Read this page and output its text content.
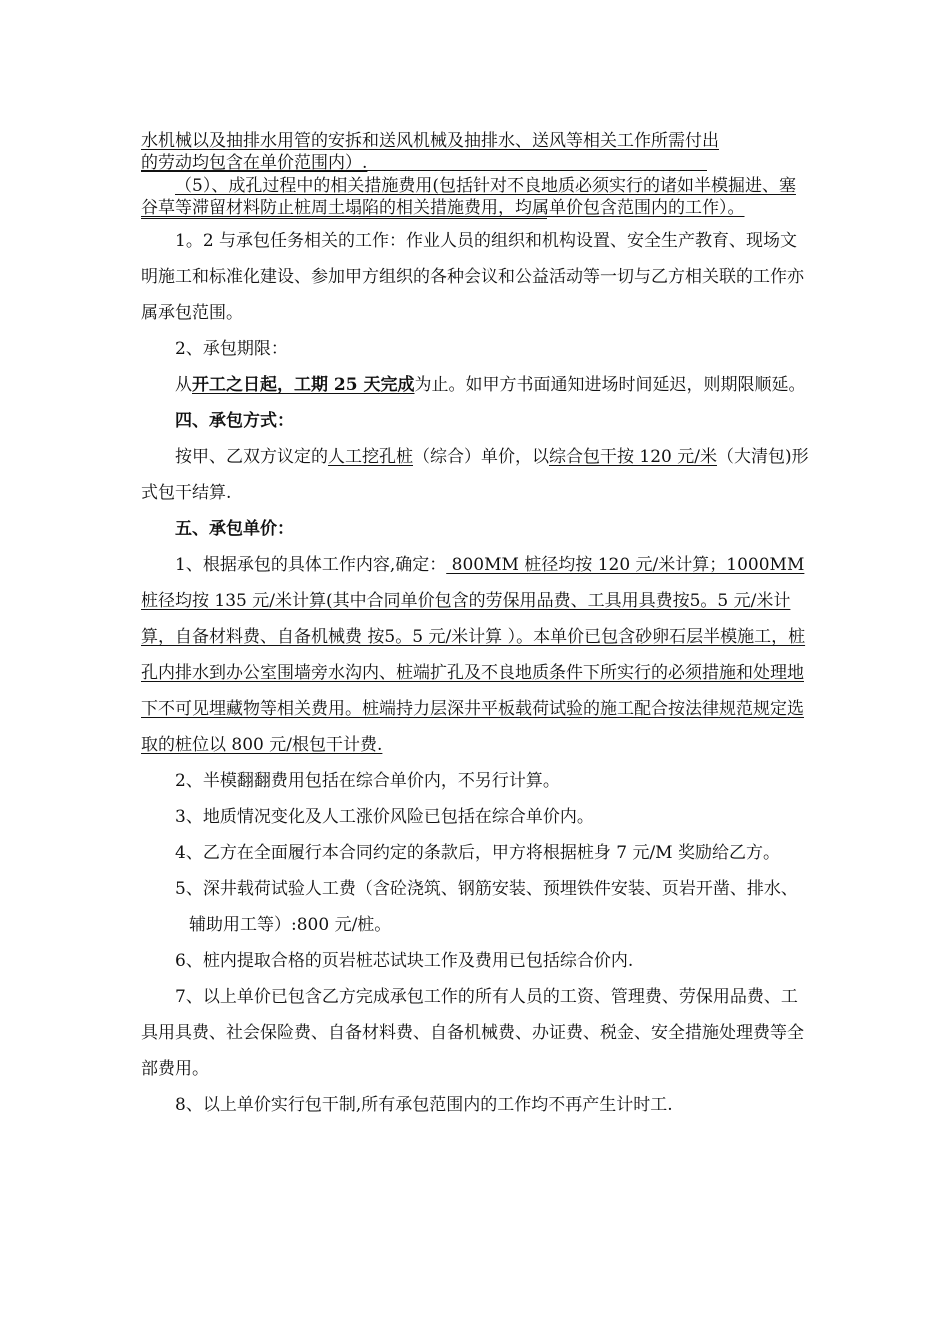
水机械以及抽排水用管的安拆和送风机械及抽排水、送风等相关工作所需付出

的劳动均包含在单价范围内）.

（5）、成孔过程中的相关措施费用(包括针对不良地质必须实行的诸如半模掘进、塞谷草等滞留材料防止桩周土塌陷的相关措施费用，均属单价包含范围内的工作）。

1。2 与承包任务相关的工作：作业人员的组织和机构设置、安全生产教育、现场文明施工和标准化建设、参加甲方组织的各种会议和公益活动等一切与乙方相关联的工作亦属承包范围。

2、承包期限：

从开工之日起，工期 25 天完成为止。如甲方书面通知进场时间延迟，则期限顺延。

四、承包方式：

按甲、乙双方议定的人工挖孔桩（综合）单价，以综合包干按 120 元/米（大清包)形式包干结算.

五、承包单价：

1、根据承包的具体工作内容,确定： 800MM 桩径均按 120 元/米计算；1000MM 桩径均按 135 元/米计算(其中合同单价包含的劳保用品费、工具用具费按5。5 元/米计算，自备材料费、自备机械费 按5。5 元/米计算 ）。本单价已包含砂卵石层半模施工，桩孔内排水到办公室围墙旁水沟内、桩端扩孔及不良地质条件下所实行的必须措施和处理地下不可见埋藏物等相关费用。桩端持力层深井平板载荷试验的施工配合按法律规范规定选取的桩位以 800 元/根包干计费.

2、半模翻翻费用包括在综合单价内，不另行计算。

3、地质情况变化及人工涨价风险已包括在综合单价内。

4、乙方在全面履行本合同约定的条款后，甲方将根据桩身 7 元/M 奖励给乙方。

5、深井载荷试验人工费（含砼浇筑、钢筋安装、预埋铁件安装、页岩开凿、排水、辅助用工等）:800 元/桩。

6、桩内提取合格的页岩桩芯试块工作及费用已包括综合价内.

7、以上单价已包含乙方完成承包工作的所有人员的工资、管理费、劳保用品费、工具用具费、社会保险费、自备材料费、自备机械费、办证费、税金、安全措施处理费等全部费用。

8、以上单价实行包干制,所有承包范围内的工作均不再产生计时工.
